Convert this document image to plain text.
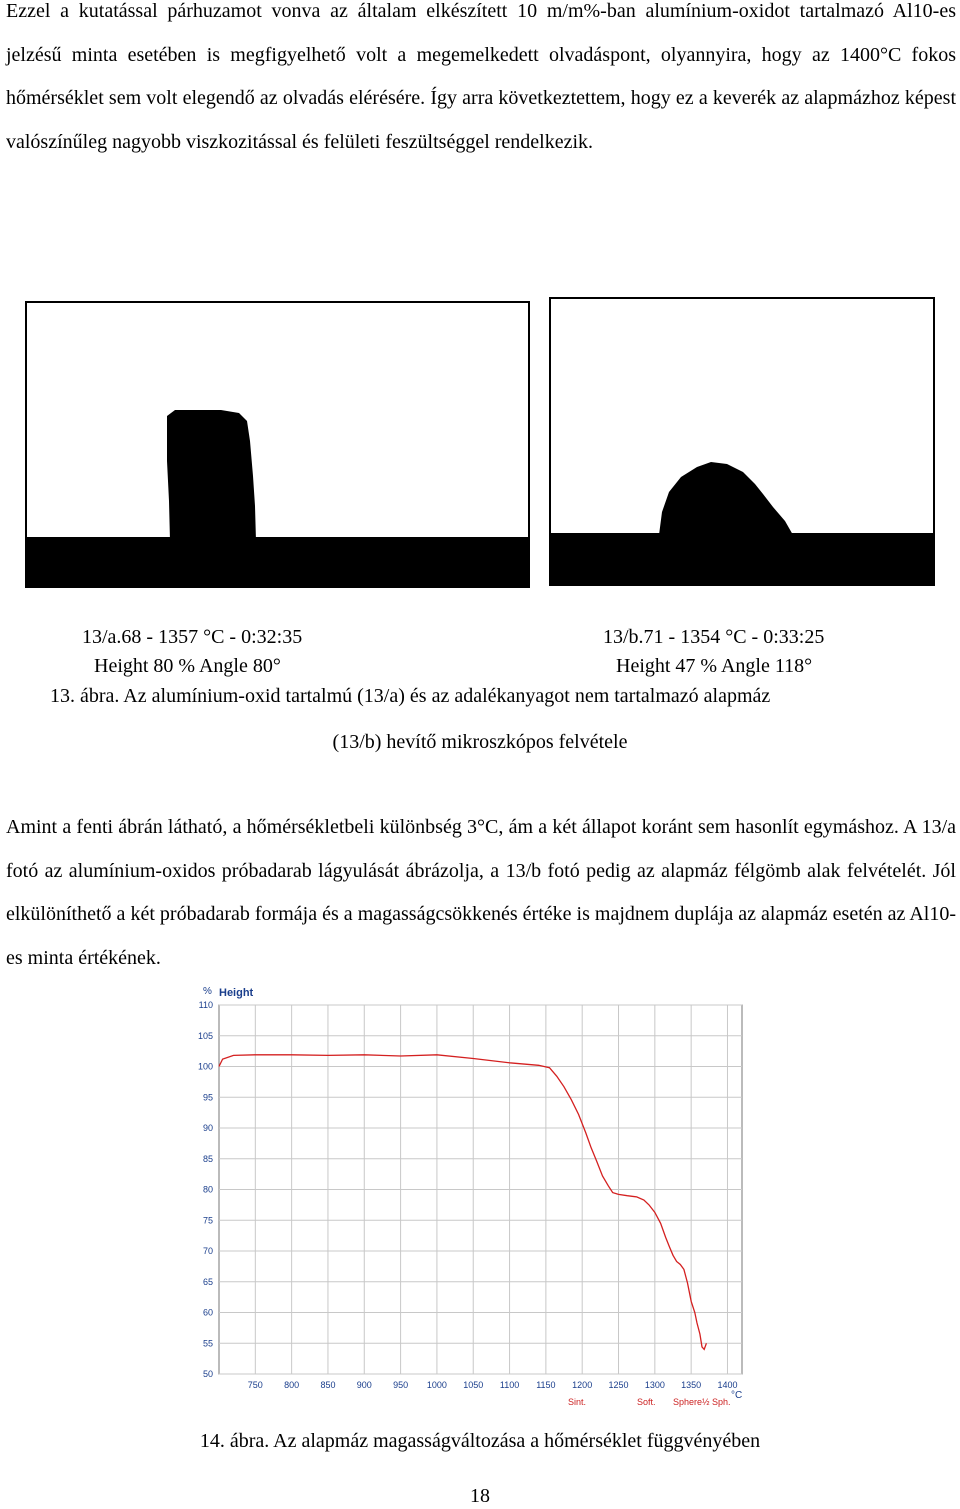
Ezzel a kutatással párhuzamot vonva az általam elkészített 10 m/m%-ban alumínium-oxidot tartalmazó Al10-es jelzésű minta esetében is megfigyelhető volt a megemelkedett olvadáspont, olyannyira, hogy az 1400°C fokos hőmérséklet sem volt elegendő az olvadás elérésére. Így arra következtettem, hogy ez a keverék az alapmázhoz képest valószínűleg nagyobb viszkozitással és felületi feszültséggel rendelkezik.
13/a.68 - 1357 °C - 0:32:35
Height 80 % Angle 80°
13/b.71 - 1354 °C - 0:33:25
Height 47 % Angle 118°
13. ábra. Az alumínium-oxid tartalmú (13/a) és az adalékanyagot nem tartalmazó alapmáz
(13/b) hevítő mikroszkópos felvétele
Amint a fenti ábrán látható, a hőmérsékletbeli különbség 3°C, ám a két állapot koránt sem hasonlít egymáshoz. A 13/a fotó az alumínium-oxidos próbadarab lágyulását ábrázolja, a 13/b fotó pedig az alapmáz félgömb alak felvételét. Jól elkülöníthető a két próbadarab formája és a magasságcsökkenés értéke is majdnem duplája az alapmáz esetén az Al10-es minta értékének.
750 800 850 900 950 1000 1050 1100 1150 1200 1250 1300 1350 1400
50
55
60
65
70
75
80
85
90
95
100
105
110
% Height
°C
Sint.	Soft. Sphere ½ Sph.
14. ábra. Az alapmáz magasságváltozása a hőmérséklet függvényében
18
